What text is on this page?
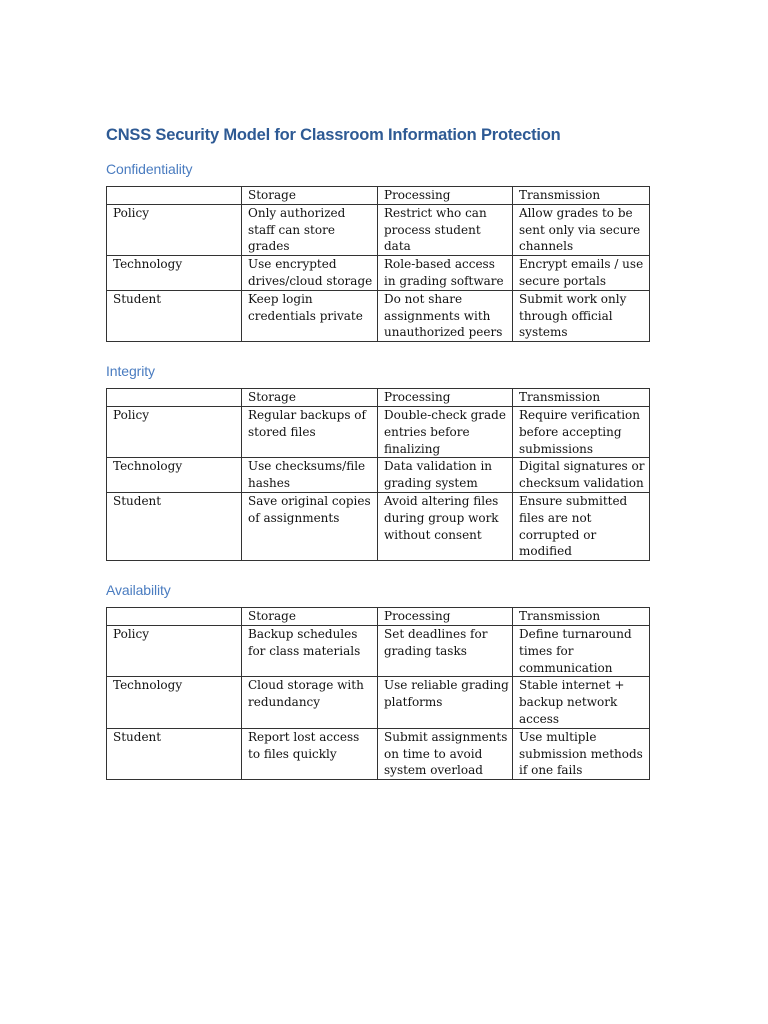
CNSS Security Model for Classroom Information Protection
Confidentiality
	Storage	Processing	Transmission
Policy	Only authorized staff can store grades	Restrict who can process student data	Allow grades to be sent only via secure channels
Technology	Use encrypted drives/cloud storage	Role-based access in grading software	Encrypt emails / use secure portals
Student	Keep login credentials private	Do not share assignments with unauthorized peers	Submit work only through official systems
Integrity
	Storage	Processing	Transmission
Policy	Regular backups of stored files	Double-check grade entries before finalizing	Require verification before accepting submissions
Technology	Use checksums/file hashes	Data validation in grading system	Digital signatures or checksum validation
Student	Save original copies of assignments	Avoid altering files during group work without consent	Ensure submitted files are not corrupted or modified
Availability
	Storage	Processing	Transmission
Policy	Backup schedules for class materials	Set deadlines for grading tasks	Define turnaround times for communication
Technology	Cloud storage with redundancy	Use reliable grading platforms	Stable internet + backup network access
Student	Report lost access to files quickly	Submit assignments on time to avoid system overload	Use multiple submission methods if one fails
